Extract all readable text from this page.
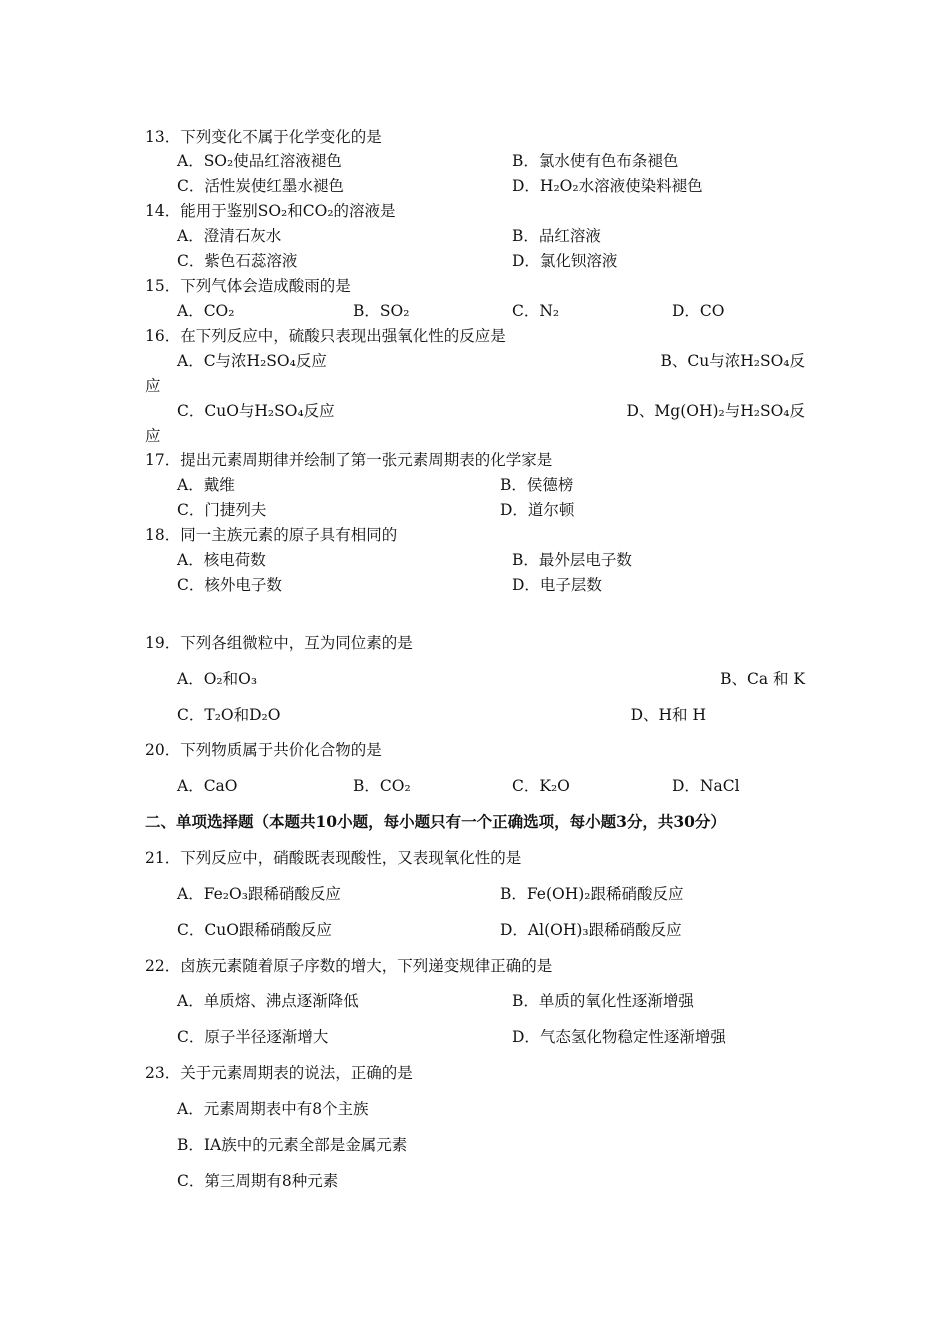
13．下列变化不属于化学变化的是
A．SO₂使品红溶液褪色	B．氯水使有色布条褪色
C．活性炭使红墨水褪色	D．H₂O₂水溶液使染料褪色
14．能用于鉴别SO₂和CO₂的溶液是
A．澄清石灰水	B．品红溶液
C．紫色石蕊溶液	D．氯化钡溶液
15．下列气体会造成酸雨的是
A．CO₂	B．SO₂	C．N₂	D．CO
16．在下列反应中，硫酸只表现出强氧化性的反应是
A．C与浓H₂SO₄反应	B、Cu与浓H₂SO₄反
应
C．CuO与H₂SO₄反应	D、Mg(OH)₂与H₂SO₄反
应
17．提出元素周期律并绘制了第一张元素周期表的化学家是
A．戴维	B．侯德榜
C．门捷列夫	D．道尔顿
18．同一主族元素的原子具有相同的
A．核电荷数	B．最外层电子数
C．核外电子数	D．电子层数
19．下列各组微粒中，互为同位素的是
A．O₂和O₃	B、Ca 和 K
C．T₂O和D₂O	D、H和 H
20．下列物质属于共价化合物的是
A．CaO	B．CO₂	C．K₂O	D．NaCl
二、单项选择题（本题共10小题，每小题只有一个正确选项，每小题3分，共30分）
21．下列反应中，硝酸既表现酸性，又表现氧化性的是
A．Fe₂O₃跟稀硝酸反应	B．Fe(OH)₂跟稀硝酸反应
C．CuO跟稀硝酸反应	D．Al(OH)₃跟稀硝酸反应
22．卤族元素随着原子序数的增大，下列递变规律正确的是
A．单质熔、沸点逐渐降低	B．单质的氧化性逐渐增强
C．原子半径逐渐增大	D．气态氢化物稳定性逐渐增强
23．关于元素周期表的说法，正确的是
A．元素周期表中有8个主族
B．IA族中的元素全部是金属元素
C．第三周期有8种元素
